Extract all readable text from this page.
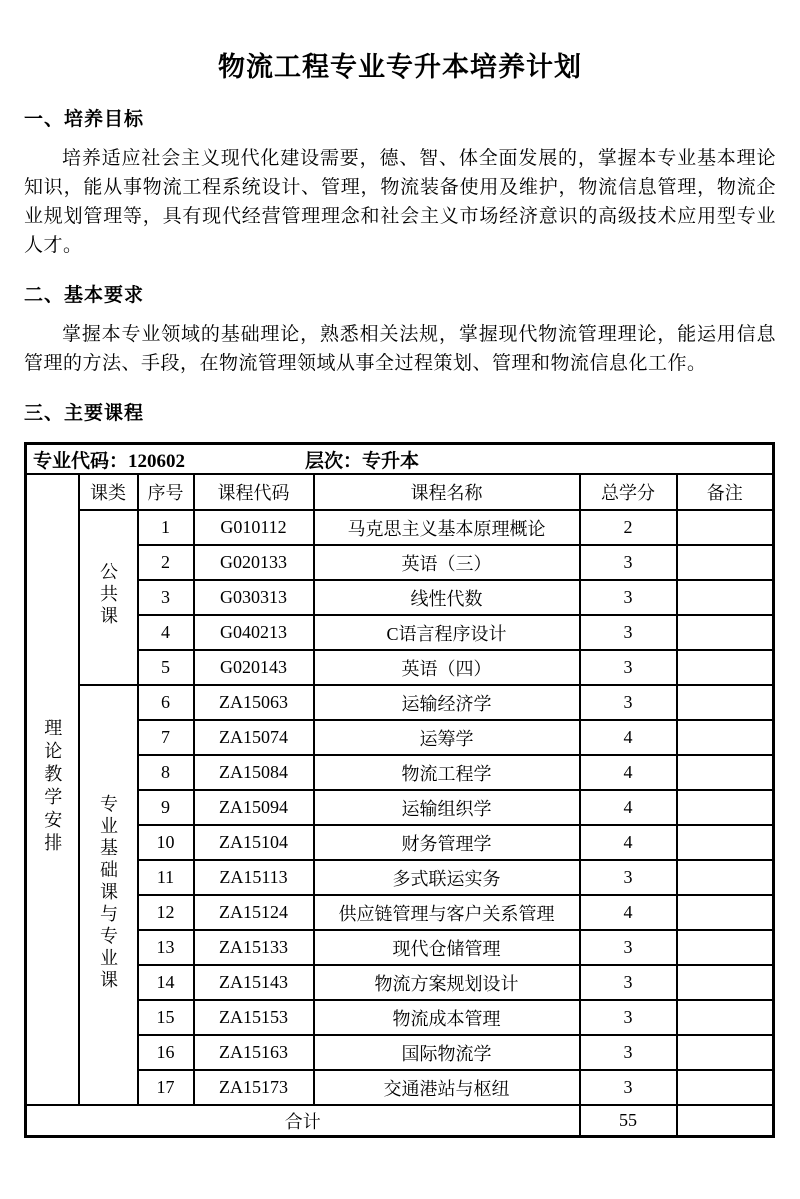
物流工程专业专升本培养计划
一、培养目标

培养适应社会主义现代化建设需要，德、智、体全面发展的，掌握本专业基本理论知识，能从事物流工程系统设计、管理，物流装备使用及维护，物流信息管理，物流企业规划管理等，具有现代经营管理理念和社会主义市场经济意识的高级技术应用型专业人才。

二、基本要求

掌握本专业领域的基础理论，熟悉相关法规，掌握现代物流管理理论，能运用信息管理的方法、手段，在物流管理领域从事全过程策划、管理和物流信息化工作。

三、主要课程
专业代码：120602 层次：专升本						
理论教学安排	课类	序号	课程代码	课程名称	总学分	备注
	公共课	1	G010112	马克思主义基本原理概论	2	
		2	G020133	英语（三）	3	
		3	G030313	线性代数	3	
		4	G040213	C语言程序设计	3	
		5	G020143	英语（四）	3	
	专业基础课与专业课	6	ZA15063	运输经济学	3	
		7	ZA15074	运筹学	4	
		8	ZA15084	物流工程学	4	
		9	ZA15094	运输组织学	4	
		10	ZA15104	财务管理学	4	
		11	ZA15113	多式联运实务	3	
		12	ZA15124	供应链管理与客户关系管理	4	
		13	ZA15133	现代仓储管理	3	
		14	ZA15143	物流方案规划设计	3	
		15	ZA15153	物流成本管理	3	
		16	ZA15163	国际物流学	3	
		17	ZA15173	交通港站与枢纽	3	
合计					55	
